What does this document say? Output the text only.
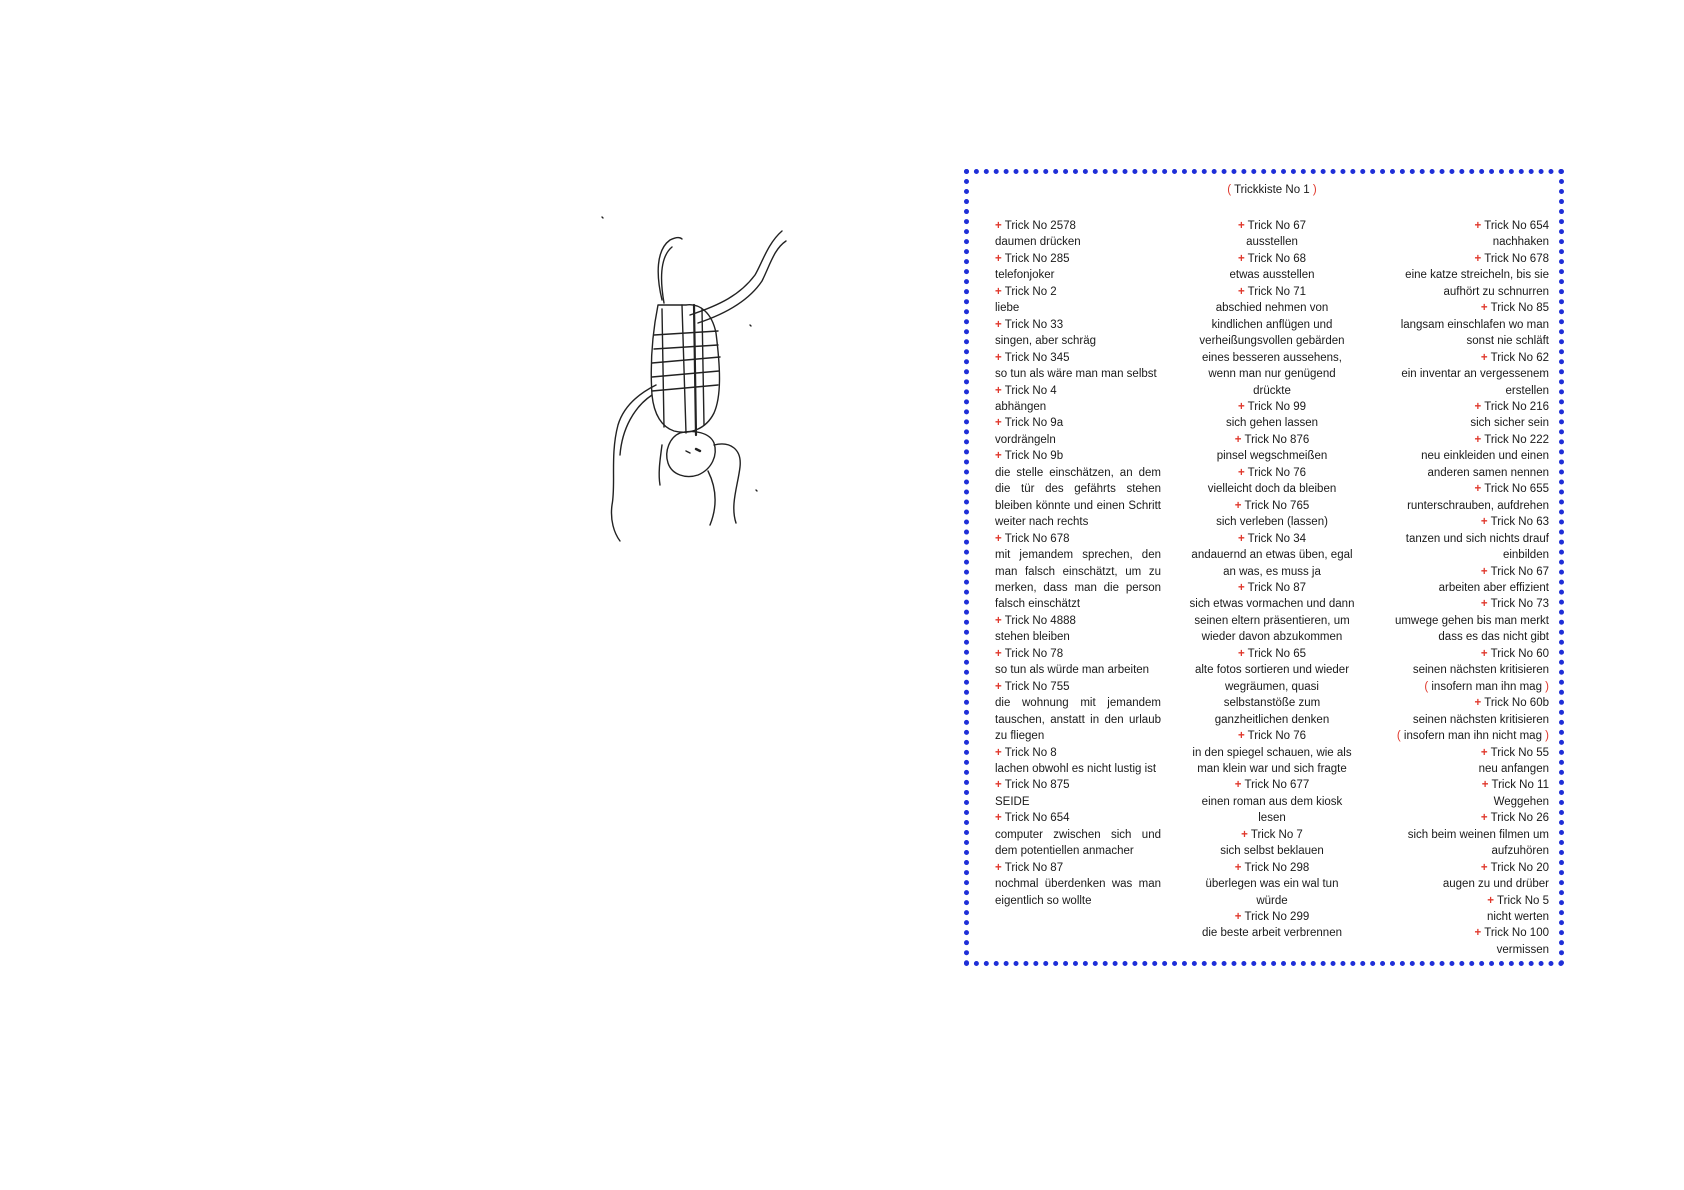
( Trickkiste No 1 )
+ Trick No 2578
daumen drücken
+ Trick No 285
telefonjoker
+ Trick No 2
liebe
+ Trick No 33
singen, aber schräg
+ Trick No 345
so tun als wäre man man selbst
+ Trick No 4
abhängen
+ Trick No 9a
vordrängeln
+ Trick No 9b
die stelle einschätzen, an dem die tür des gefährts stehen bleiben könnte und einen Schritt weiter nach rechts
+ Trick No 678
mit jemandem sprechen, den man falsch einschätzt, um zu merken, dass man die person falsch einschätzt
+ Trick No 4888
stehen bleiben
+ Trick No 78
so tun als würde man arbeiten
+ Trick No 755
die wohnung mit jemandem tauschen, anstatt in den urlaub zu fliegen
+ Trick No 8
lachen obwohl es nicht lustig ist
+ Trick No 875
SEIDE
+ Trick No 654
computer zwischen sich und dem potentiellen anmacher
+ Trick No 87
nochmal überdenken was man eigentlich so wollte
+ Trick No 67
ausstellen
+ Trick No 68
etwas ausstellen
+ Trick No 71
abschied nehmen von kindlichen anflügen und verheißungsvollen gebärden eines besseren aussehens, wenn man nur genügend drückte
+ Trick No 99
sich gehen lassen
+ Trick No 876
pinsel wegschmeißen
+ Trick No 76
vielleicht doch da bleiben
+ Trick No 765
sich verleben (lassen)
+ Trick No 34
andauernd an etwas üben, egal an was, es muss ja
+ Trick No 87
sich etwas vormachen und dann seinen eltern präsentieren, um wieder davon abzukommen
+ Trick No 65
alte fotos sortieren und wieder wegräumen, quasi selbstanstöße zum ganzheitlichen denken
+ Trick No 76
in den spiegel schauen, wie als man klein war und sich fragte
+ Trick No 677
einen roman aus dem kiosk lesen
+ Trick No 7
sich selbst beklauen
+ Trick No 298
überlegen was ein wal tun würde
+ Trick No 299
die beste arbeit verbrennen
+ Trick No 654
nachhaken
+ Trick No 678
eine katze streicheln, bis sie aufhört zu schnurren
+ Trick No 85
langsam einschlafen wo man sonst nie schläft
+ Trick No 62
ein inventar an vergessenem erstellen
+ Trick No 216
sich sicher sein
+ Trick No 222
neu einkleiden und einen anderen samen nennen
+ Trick No 655
runterschrauben, aufdrehen
+ Trick No 63
tanzen und sich nichts drauf einbilden
+ Trick No 67
arbeiten aber effizient
+ Trick No 73
umwege gehen bis man merkt dass es das nicht gibt
+ Trick No 60
seinen nächsten kritisieren
( insofern man ihn mag )
+ Trick No 60b
seinen nächsten kritisieren
( insofern man ihn nicht mag )
+ Trick No 55
neu anfangen
+ Trick No 11
Weggehen
+ Trick No 26
sich beim weinen filmen um aufzuhören
+ Trick No 20
augen zu und drüber
+ Trick No 5
nicht werten
+ Trick No 100
vermissen
